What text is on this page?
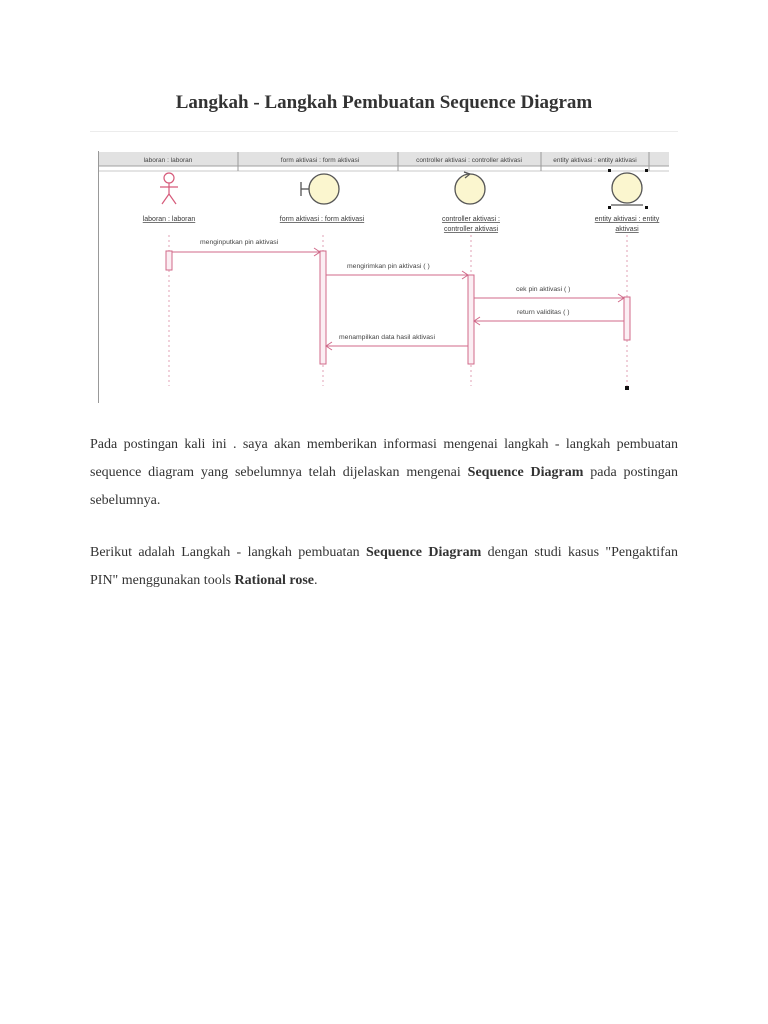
Langkah - Langkah Pembuatan Sequence Diagram
laboran : laboran	form aktivasi : form aktivasi	controller aktivasi : controller aktivasi	entity aktivasi : entity aktivasi
laboran : laboran	form aktivasi : form aktivasi	controller aktivasi :
controller aktivasi
entity aktivasi : entity
aktivasi
menginputkan pin aktivasi
mengirimkan pin aktivasi ( )
cek pin aktivasi ( )
return validitas ( )
menampilkan data hasil aktivasi

Pada postingan kali ini . saya akan memberikan informasi mengenai langkah - langkah pembuatan sequence diagram yang sebelumnya telah dijelaskan mengenai Sequence Diagram pada postingan sebelumnya.

Berikut adalah Langkah - langkah pembuatan Sequence Diagram dengan studi kasus "Pengaktifan PIN" menggunakan tools Rational rose.
